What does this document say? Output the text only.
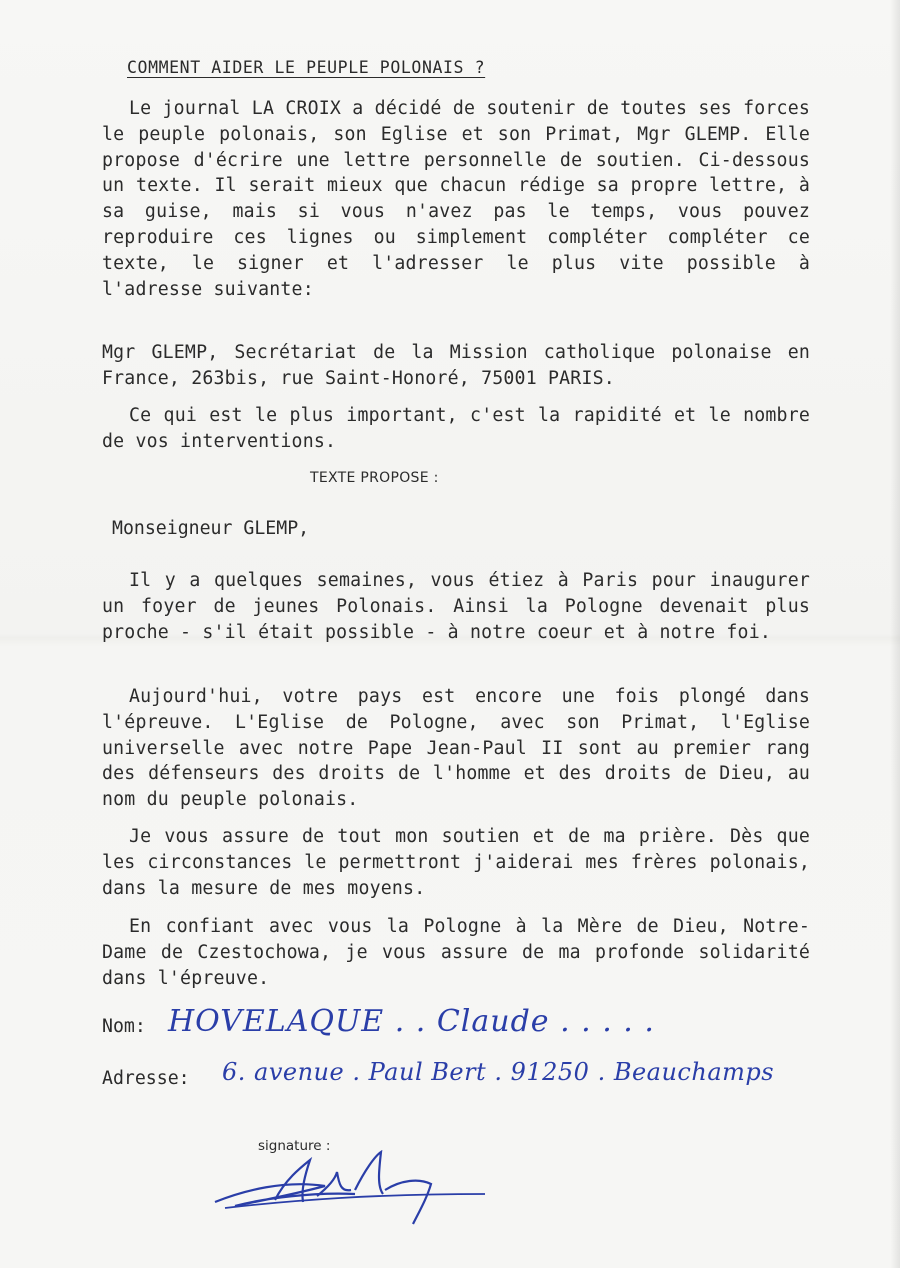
COMMENT AIDER LE PEUPLE POLONAIS ?

Le journal LA CROIX a décidé de soutenir de toutes ses forces le peuple polonais, son Eglise et son Primat, Mgr GLEMP. Elle propose d'écrire une lettre personnelle de soutien. Ci-dessous un texte. Il serait mieux que chacun rédige sa propre lettre, à sa guise, mais si vous n'avez pas le temps, vous pouvez reproduire ces lignes ou simplement compléter compléter ce texte, le signer et l'adresser le plus vite possible à l'adresse suivante:

Mgr GLEMP, Secrétariat de la Mission catholique polonaise en France, 263bis, rue Saint-Honoré, 75001 PARIS.

Ce qui est le plus important, c'est la rapidité et le nombre de vos interventions.

TEXTE PROPOSE :
Monseigneur GLEMP,

Il y a quelques semaines, vous étiez à Paris pour inaugurer un foyer de jeunes Polonais. Ainsi la Pologne devenait plus proche - s'il était possible - à notre coeur et à notre foi.

Aujourd'hui, votre pays est encore une fois plongé dans l'épreuve. L'Eglise de Pologne, avec son Primat, l'Eglise universelle avec notre Pape Jean-Paul II sont au premier rang des défenseurs des droits de l'homme et des droits de Dieu, au nom du peuple polonais.

Je vous assure de tout mon soutien et de ma prière. Dès que les circonstances le permettront j'aiderai mes frères polonais, dans la mesure de mes moyens.

En confiant avec vous la Pologne à la Mère de Dieu, Notre-Dame de Czestochowa, je vous assure de ma profonde solidarité dans l'épreuve.

Nom: HOVELAQUE . . Claude . . . . .
Adresse: 6. avenue . Paul Bert . 91250 . Beauchamps
signature :
